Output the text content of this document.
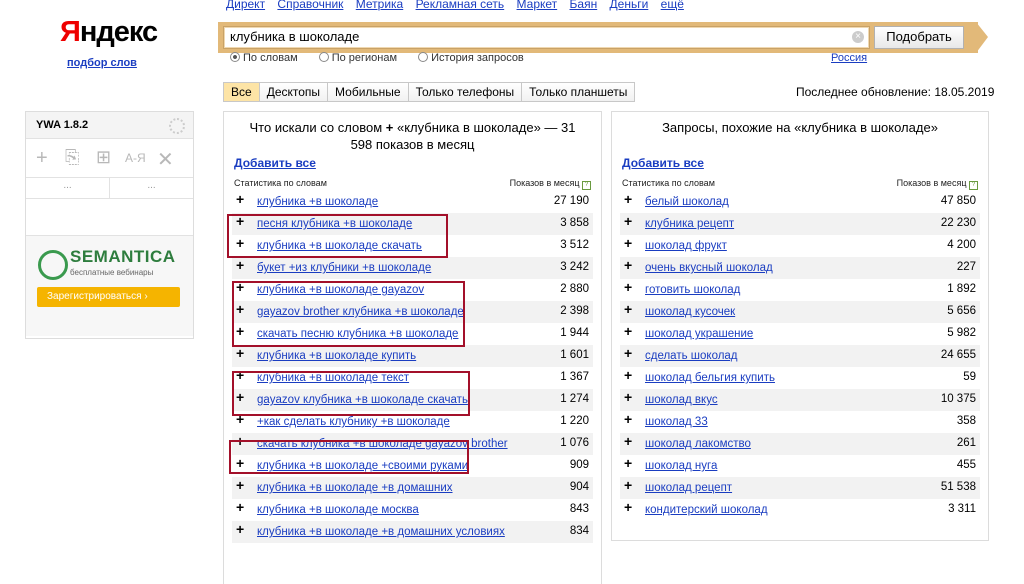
Директ Справочник Метрика Рекламная сеть Маркет Баян Деньги ещё
Яндекс
подбор слов
клубника в шоколаде
×	Подобрать
По словам	По регионам	История запросов	Россия
Все	Десктопы	Мобильные	Только телефоны	Только планшеты	Последнее обновление: 18.05.2019
YWA 1.8.2
+ ⎘ ⊞ А-Я ✕
...	...
SEMANTICA
бесплатные вебинары
Зарегистрироваться ›
Что искали со словом + «клубника в шоколаде» — 31 598 показов в месяц
Добавить все
Статистика по словам	Показов в месяц ?
+	клубника +в шоколаде	27 190
+	песня клубника +в шоколаде	3 858
+	клубника +в шоколаде скачать	3 512
+	букет +из клубники +в шоколаде	3 242
+	клубника +в шоколаде gayazov	2 880
+	gayazov brother клубника +в шоколаде	2 398
+	скачать песню клубника +в шоколаде	1 944
+	клубника +в шоколаде купить	1 601
+	клубника +в шоколаде текст	1 367
+	gayazov клубника +в шоколаде скачать	1 274
+	+как сделать клубнику +в шоколаде	1 220
+	скачать клубника +в шоколаде gayazov brother	1 076
+	клубника +в шоколаде +своими руками	909
+	клубника +в шоколаде +в домашних	904
+	клубника +в шоколаде москва	843
+	клубника +в шоколаде +в домашних условиях	834
Запросы, похожие на «клубника в шоколаде»
Добавить все
Статистика по словам	Показов в месяц ?
+	белый шоколад	47 850
+	клубника рецепт	22 230
+	шоколад фрукт	4 200
+	очень вкусный шоколад	227
+	готовить шоколад	1 892
+	шоколад кусочек	5 656
+	шоколад украшение	5 982
+	сделать шоколад	24 655
+	шоколад бельгия купить	59
+	шоколад вкус	10 375
+	шоколад 33	358
+	шоколад лакомство	261
+	шоколад нуга	455
+	шоколад рецепт	51 538
+	кондитерский шоколад	3 311
